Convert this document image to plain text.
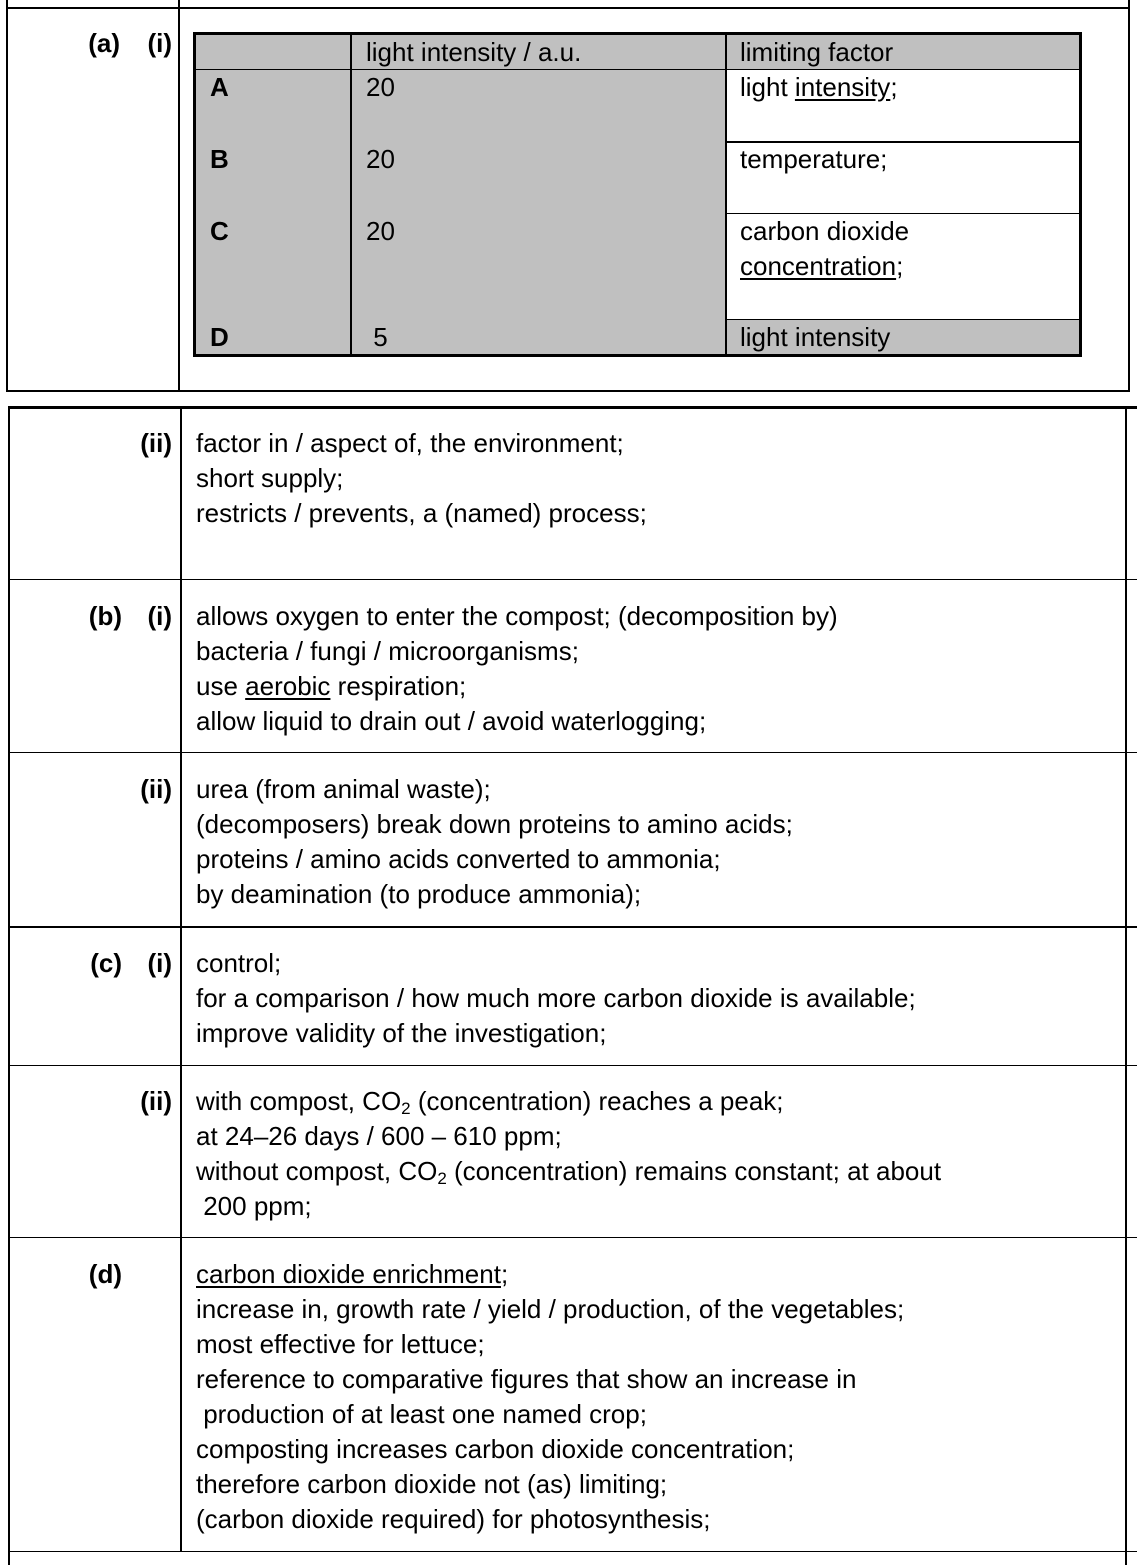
(a)	(i)	light intensity / a.u.	limiting factor
A	20	light intensity;
B	20	temperature;
C	20	carbon dioxide
concentration;
D	5	light intensity
(ii) factor in / aspect of, the environment;
short supply;
restricts / prevents, a (named) process;
(b) (i) allows oxygen to enter the compost; (decomposition by)
bacteria / fungi / microorganisms;
use aerobic respiration;
allow liquid to drain out / avoid waterlogging;
(ii) urea (from animal waste);
(decomposers) break down proteins to amino acids;
proteins / amino acids converted to ammonia;
by deamination (to produce ammonia);
(c) (i) control;
for a comparison / how much more carbon dioxide is available;
improve validity of the investigation;
(ii) with compost, $CO_2$ (concentration) reaches a peak;
at 24–26 days / 600 – 610 ppm;
without compost, $CO_2$ (concentration) remains constant; at about
200 ppm;
(d)	carbon dioxide enrichment;
increase in, growth rate / yield / production, of the vegetables;
most effective for lettuce;
reference to comparative figures that show an increase in
production of at least one named crop;
composting increases carbon dioxide concentration;
therefore carbon dioxide not (as) limiting;
(carbon dioxide required) for photosynthesis;
